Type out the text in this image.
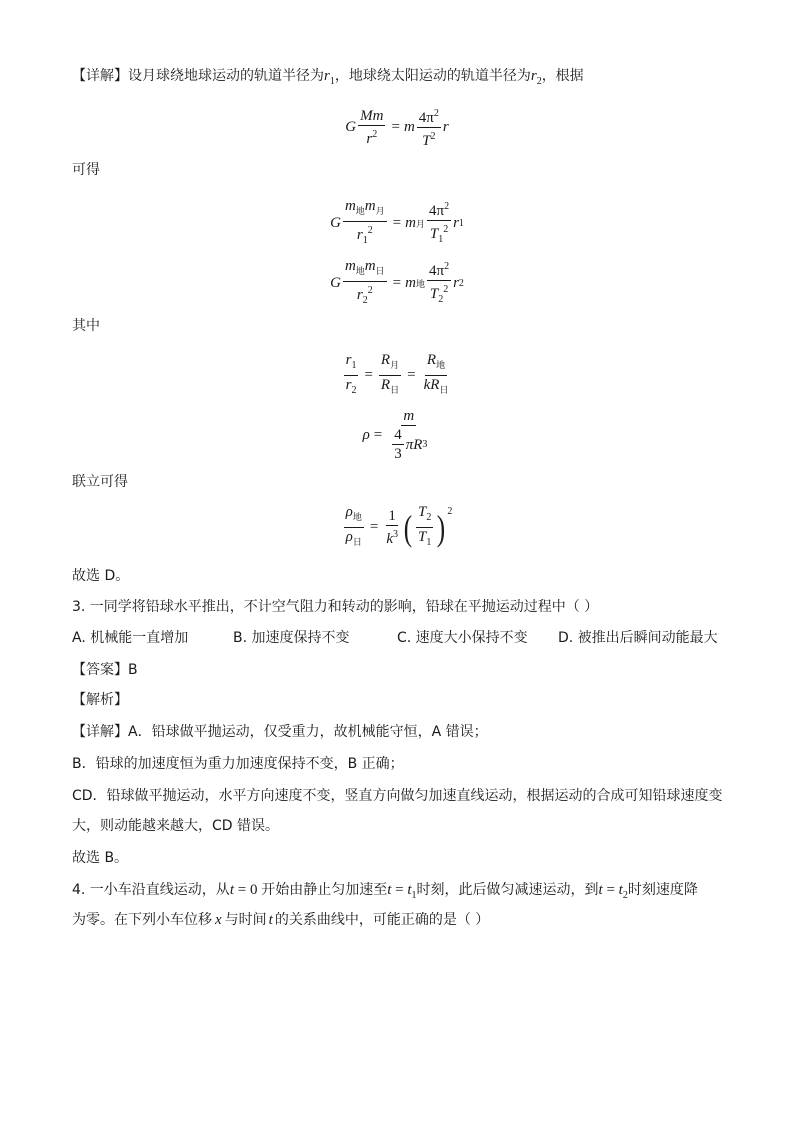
【详解】设月球绕地球运动的轨道半径为$r_1$，地球绕太阳运动的轨道半径为$r_2$，根据
G $\frac{Mm}{r^2} = m \frac{4\pi^2}{T^2}$ r
可得
G $\frac{m_地m_月}{r_1^2} = m$ 月 $\frac{4\pi^2}{T_1^2}$ r 1
G $\frac{m_地m_日}{r_2^2} = m$ 地 $\frac{4\pi^2}{T_2^2}$ r 2
其中
$\frac{r_1}{r_2} = \frac{R_月}{R_日} = \frac{R_地}{kR_日}$
$\rho = \frac{m}{\frac{4}{3} \pi R 3}$
联立可得
$\frac{\rho_地}{\rho_日} = \frac{1}{k^3}$ ( $\frac{T_2}{T_1} )^2$
故选 D。
3. 一同学将铅球水平推出，不计空气阻力和转动的影响，铅球在平抛运动过程中（ ）
A. 机械能一直增加	B. 加速度保持不变	C. 速度大小保持不变 D. 被推出后瞬间动能最大
【答案】B
【解析】
【详解】A．铅球做平抛运动，仅受重力，故机械能守恒，A 错误；
B．铅球的加速度恒为重力加速度保持不变，B 正确；
CD．铅球做平抛运动，水平方向速度不变，竖直方向做匀加速直线运动，根据运动的合成可知铅球速度变
大，则动能越来越大，CD 错误。
故选 B。
4. 一小车沿直线运动，从t = 0 开始由静止匀加速至$t = t_1$时刻，此后做匀减速运动，到$t = t_2$时刻速度降
为零。在下列小车位移 x 与时间 t 的关系曲线中，可能正确的是（ ）
